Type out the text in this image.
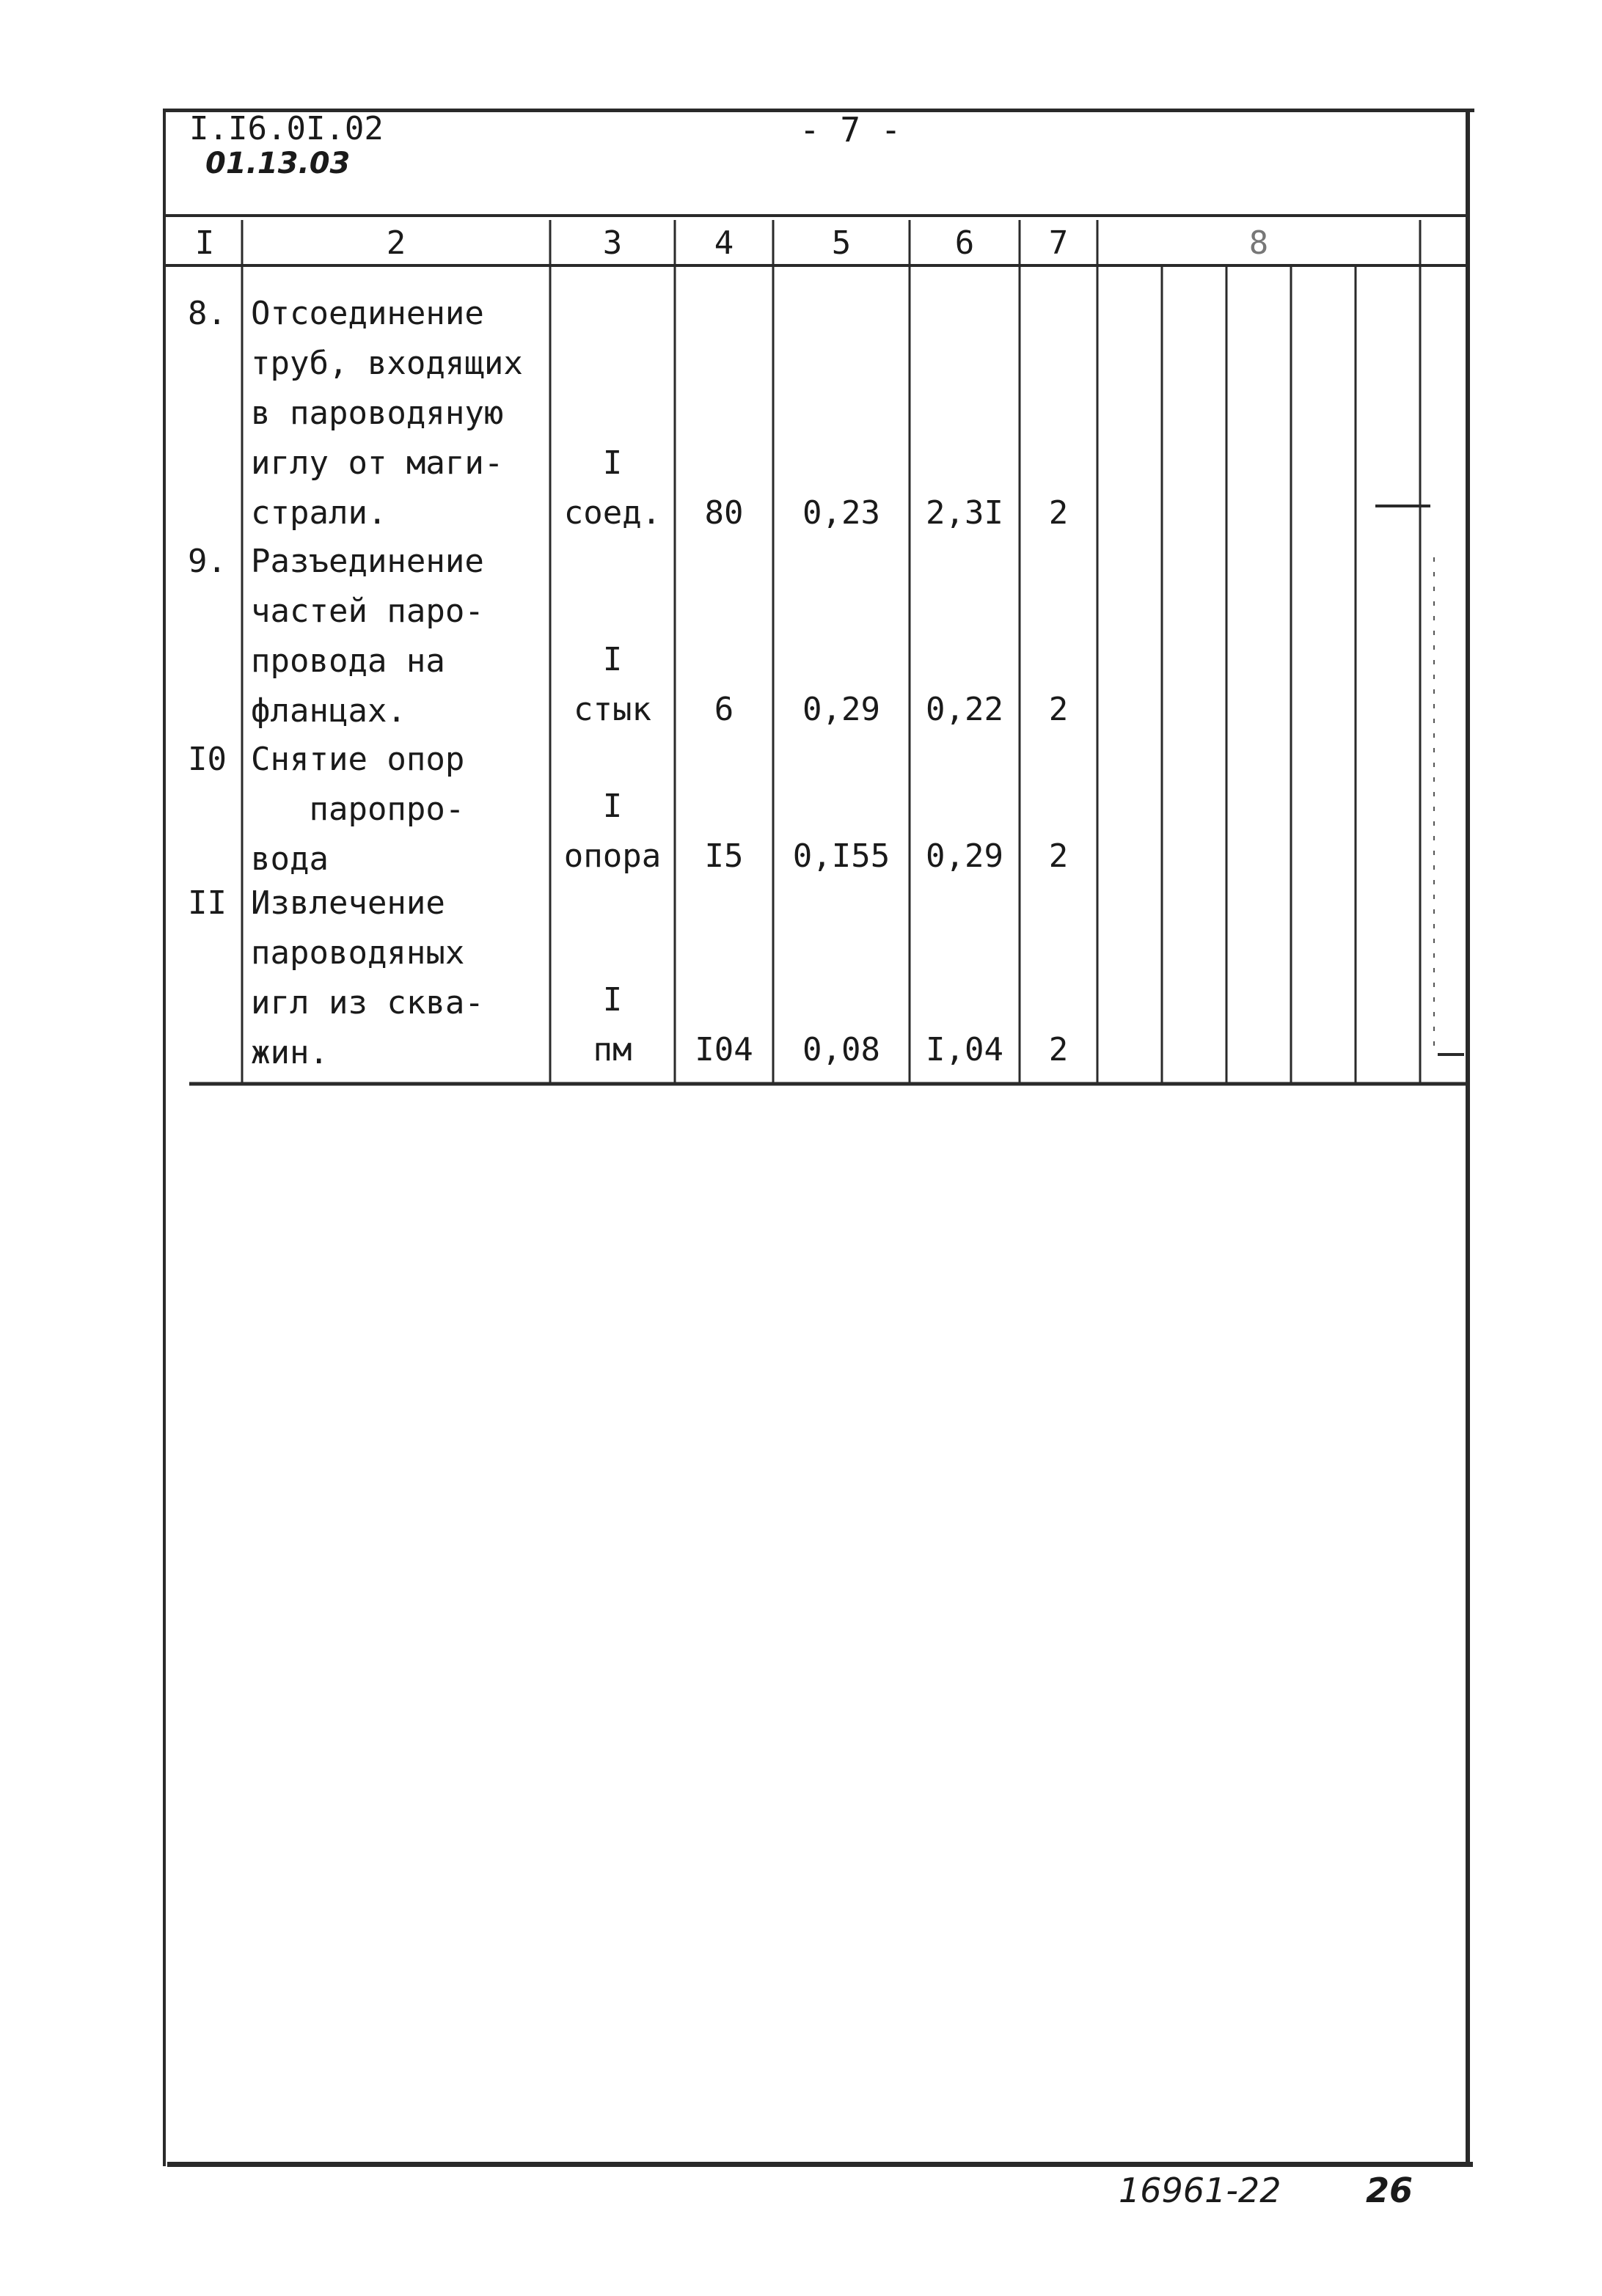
I.I6.0I.02
01.13.03
- 7 -
I	2	3	4	5	6	7	8
8. Отсоединение
труб, входящих
в пароводяную
иглу от маги-
страли.
I
соед.	80	0,23	2,3I	2
9. Разъединение
частей паро-
провода на
фланцах.
I
стык	6	0,29	0,22	2
I0 Снятие опор
паропро-
вода
I
опора	I5	0,I55	0,29	2
II Извлечение
пароводяных
игл из сква-
жин.
I
пм	I04	0,08	I,04	2
16961-22	26
